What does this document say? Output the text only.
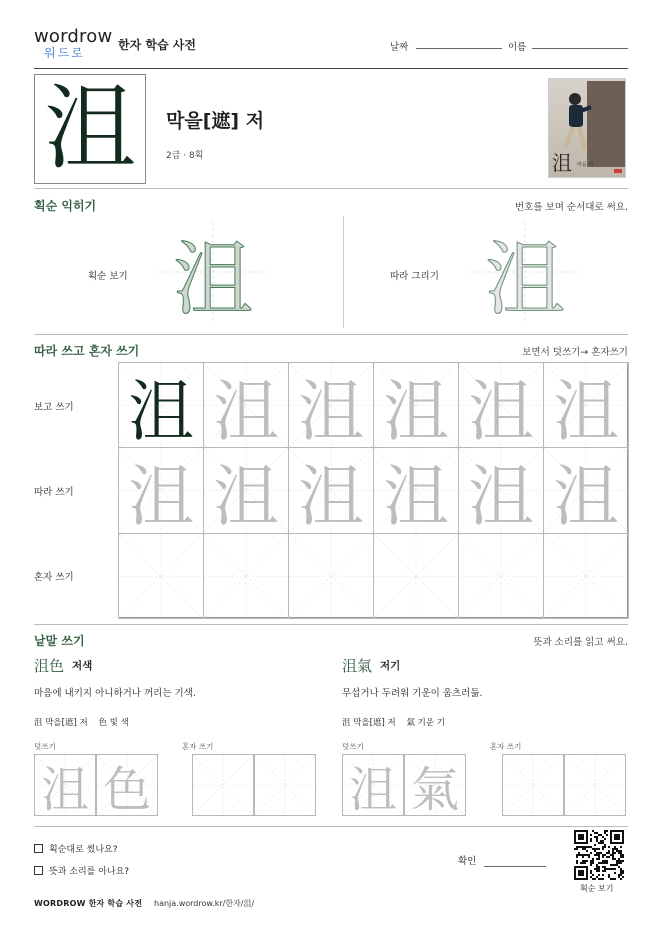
wordrow
워드로
한자 학습 사전	날짜	이름
沮	막을[遮] 저
2급 · 8획	沮 막을 저
획순 익히기	번호를 보며 순서대로 써요.
획순 보기 沮	따라 그리기 沮
따라 쓰고 혼자 쓰기	보면서 덧쓰기→ 혼자쓰기
보고 쓰기
따라 쓰기
혼자 쓰기
沮 沮 沮 沮 沮 沮
沮 沮 沮 沮 沮 沮
낱말 쓰기	뜻과 소리를 읽고 써요.
沮色 저색
마음에 내키지 아니하거나 꺼리는 기색.
沮 막을[遮] 저    色 빛 색
덧쓰기	혼자 쓰기
沮 色
沮氣 저기
무섭거나 두려워 기운이 움츠러듦.
沮 막을[遮] 저    氣 기운 기
덧쓰기	혼자 쓰기
沮 氣
획순대로 썼나요?
뜻과 소리를 아나요?
확인
획순 보기
WORDROW 한자 학습 사전 hanja.wordrow.kr/한자/沮/
